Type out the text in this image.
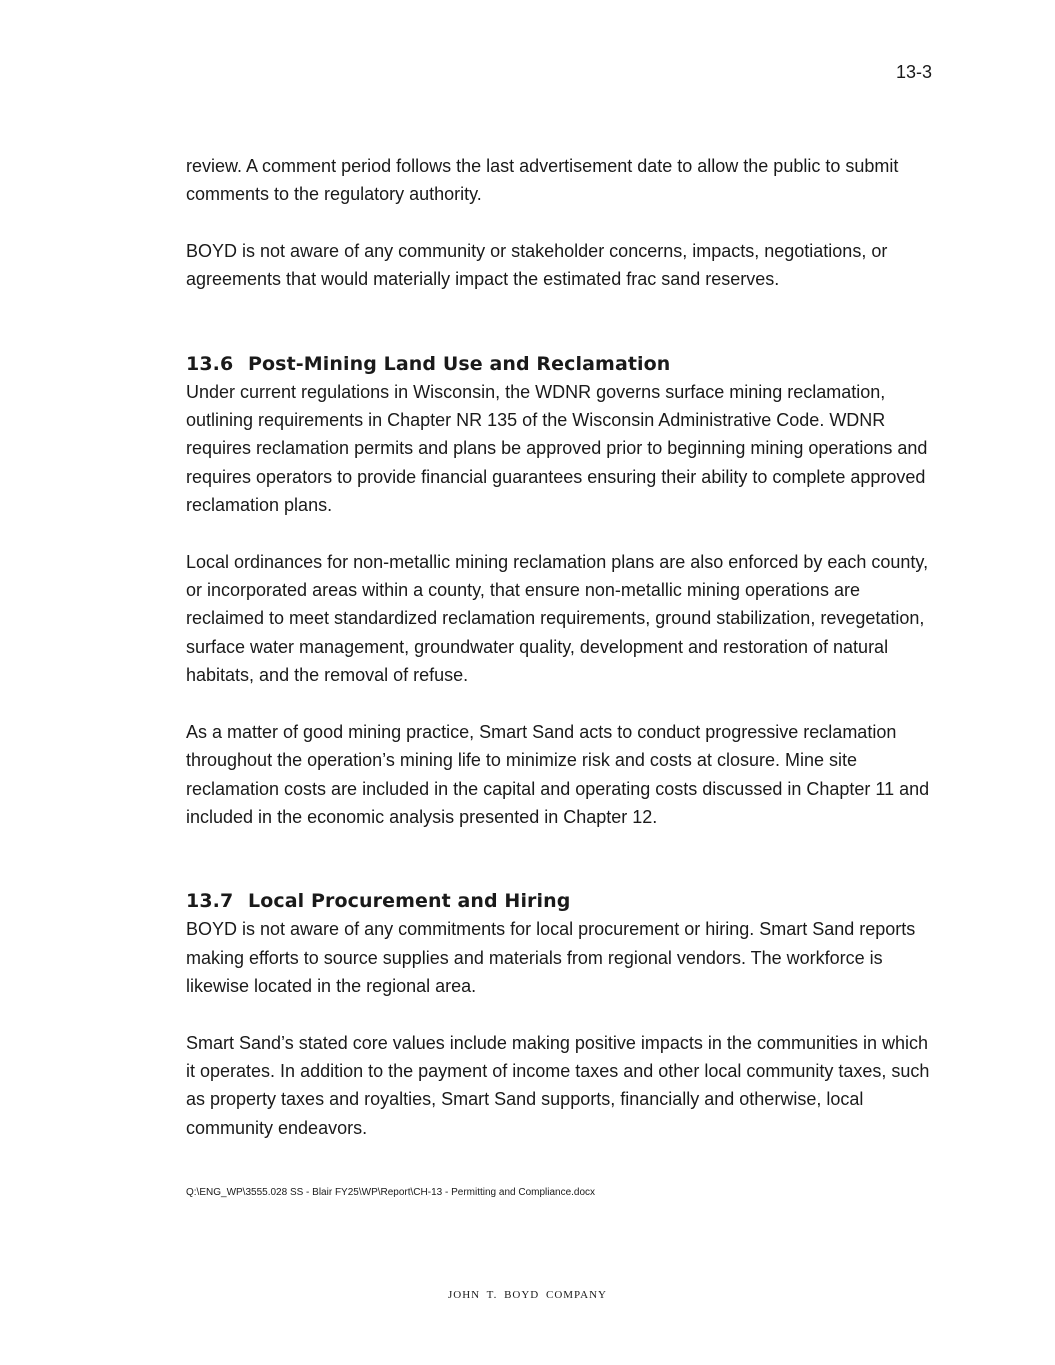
13-3

review. A comment period follows the last advertisement date to allow the public to submit comments to the regulatory authority.

BOYD is not aware of any community or stakeholder concerns, impacts, negotiations, or agreements that would materially impact the estimated frac sand reserves.

13.6 Post-Mining Land Use and Reclamation

Under current regulations in Wisconsin, the WDNR governs surface mining reclamation, outlining requirements in Chapter NR 135 of the Wisconsin Administrative Code. WDNR requires reclamation permits and plans be approved prior to beginning mining operations and requires operators to provide financial guarantees ensuring their ability to complete approved reclamation plans.

Local ordinances for non-metallic mining reclamation plans are also enforced by each county, or incorporated areas within a county, that ensure non-metallic mining operations are reclaimed to meet standardized reclamation requirements, ground stabilization, revegetation, surface water management, groundwater quality, development and restoration of natural habitats, and the removal of refuse.

As a matter of good mining practice, Smart Sand acts to conduct progressive reclamation throughout the operation’s mining life to minimize risk and costs at closure. Mine site reclamation costs are included in the capital and operating costs discussed in Chapter 11 and included in the economic analysis presented in Chapter 12.

13.7 Local Procurement and Hiring

BOYD is not aware of any commitments for local procurement or hiring. Smart Sand reports making efforts to source supplies and materials from regional vendors. The workforce is likewise located in the regional area.

Smart Sand’s stated core values include making positive impacts in the communities in which it operates. In addition to the payment of income taxes and other local community taxes, such as property taxes and royalties, Smart Sand supports, financially and otherwise, local community endeavors.

Q:\ENG_WP\3555.028 SS - Blair FY25\WP\Report\CH-13 - Permitting and Compliance.docx
JOHN T. BOYD COMPANY
